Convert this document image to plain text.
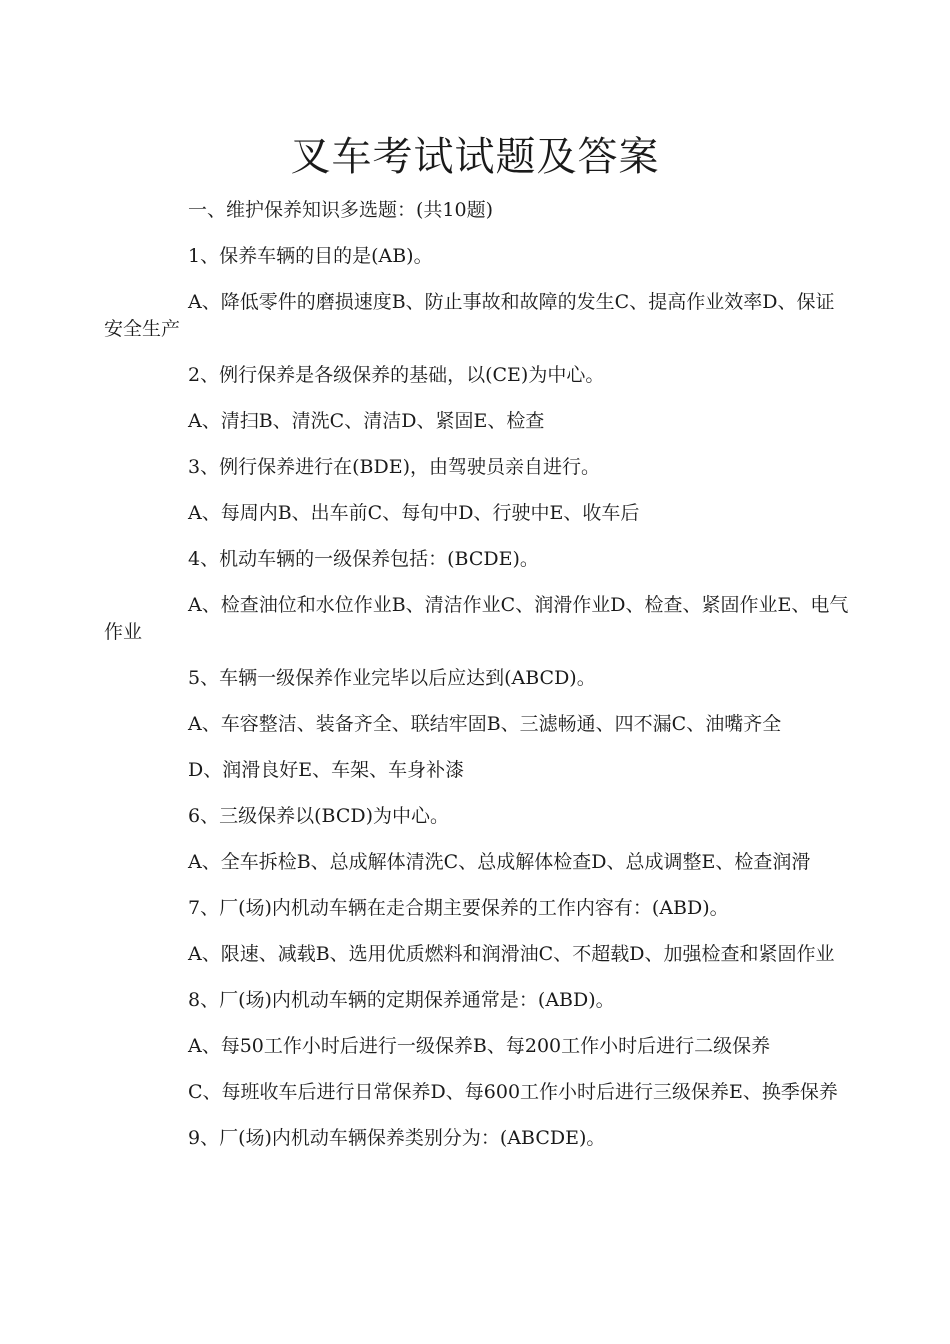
叉车考试试题及答案

一、维护保养知识多选题：(共10题)

1、保养车辆的目的是(AB)。

A、降低零件的磨损速度B、防止事故和故障的发生C、提高作业效率D、保证安全生产

2、例行保养是各级保养的基础，以(CE)为中心。

A、清扫B、清洗C、清洁D、紧固E、检查

3、例行保养进行在(BDE)，由驾驶员亲自进行。

A、每周内B、出车前C、每旬中D、行驶中E、收车后

4、机动车辆的一级保养包括：(BCDE)。

A、检查油位和水位作业B、清洁作业C、润滑作业D、检查、紧固作业E、电气作业

5、车辆一级保养作业完毕以后应达到(ABCD)。

A、车容整洁、装备齐全、联结牢固B、三滤畅通、四不漏C、油嘴齐全

D、润滑良好E、车架、车身补漆

6、三级保养以(BCD)为中心。

A、全车拆检B、总成解体清洗C、总成解体检查D、总成调整E、检查润滑

7、厂(场)内机动车辆在走合期主要保养的工作内容有：(ABD)。

A、限速、减载B、选用优质燃料和润滑油C、不超载D、加强检查和紧固作业

8、厂(场)内机动车辆的定期保养通常是：(ABD)。

A、每50工作小时后进行一级保养B、每200工作小时后进行二级保养

C、每班收车后进行日常保养D、每600工作小时后进行三级保养E、换季保养

9、厂(场)内机动车辆保养类别分为：(ABCDE)。
